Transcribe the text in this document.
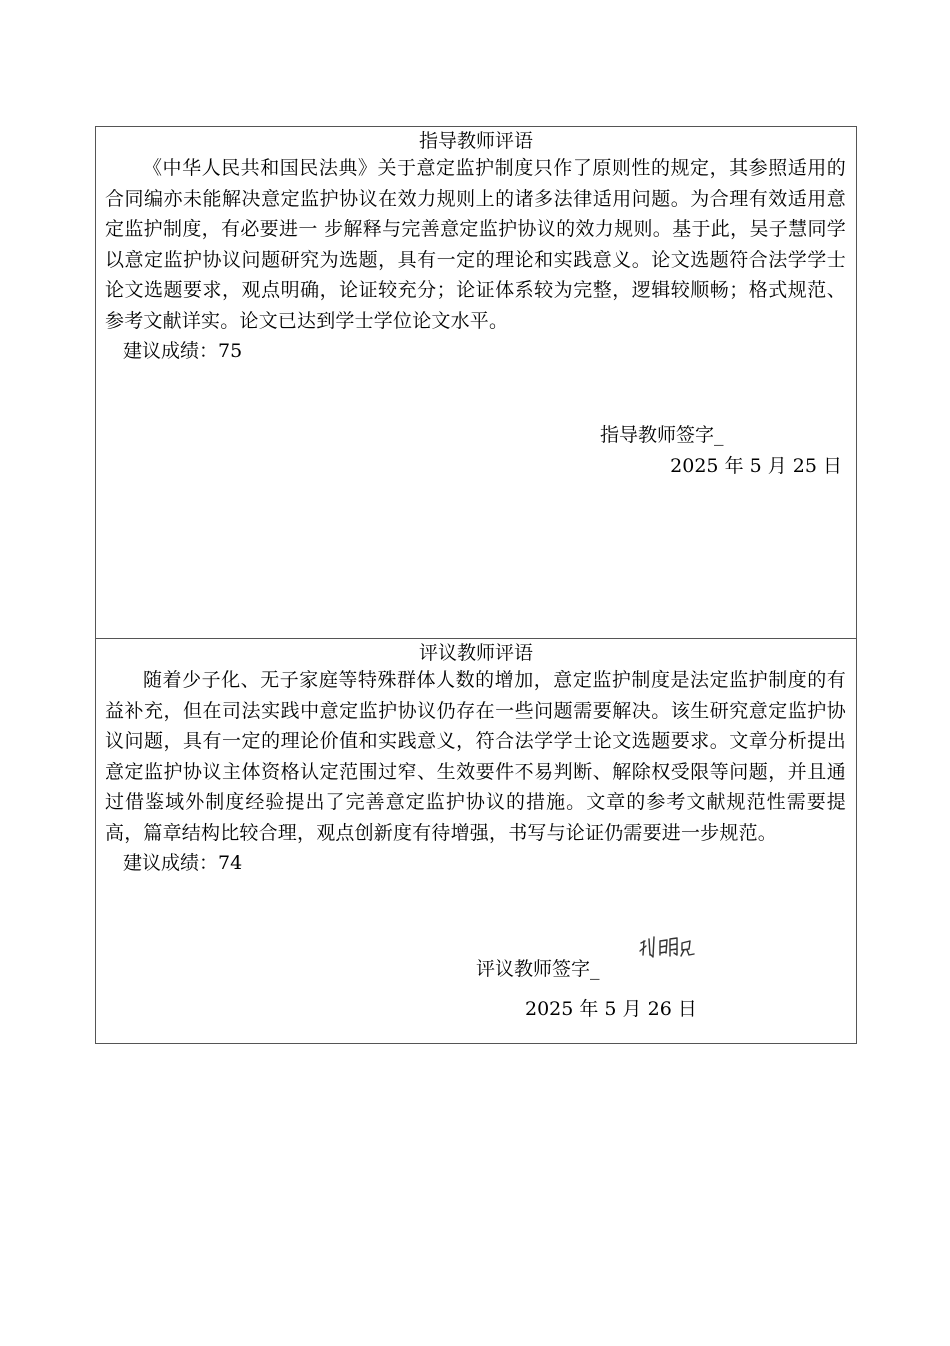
指导教师评语

《中华人民共和国民法典》关于意定监护制度只作了原则性的规定，其参照适用的合同编亦未能解决意定监护协议在效力规则上的诸多法律适用问题。为合理有效适用意定监护制度，有必要进一 步解释与完善意定监护协议的效力规则。基于此，吴子慧同学以意定监护协议问题研究为选题，具有一定的理论和实践意义。论文选题符合法学学士论文选题要求，观点明确，论证较充分；论证体系较为完整，逻辑较顺畅；格式规范、参考文献详实。论文已达到学士学位论文水平。

建议成绩：75
指导教师签字_
2025 年 5 月 25 日
评议教师评语

随着少子化、无子家庭等特殊群体人数的增加，意定监护制度是法定监护制度的有益补充，但在司法实践中意定监护协议仍存在一些问题需要解决。该生研究意定监护协议问题，具有一定的理论价值和实践意义，符合法学学士论文选题要求。文章分析提出意定监护协议主体资格认定范围过窄、生效要件不易判断、解除权受限等问题，并且通过借鉴域外制度经验提出了完善意定监护协议的措施。文章的参考文献规范性需要提高，篇章结构比较合理，观点创新度有待增强，书写与论证仍需要进一步规范。

建议成绩：74
评议教师签字_
2025 年 5 月 26 日
